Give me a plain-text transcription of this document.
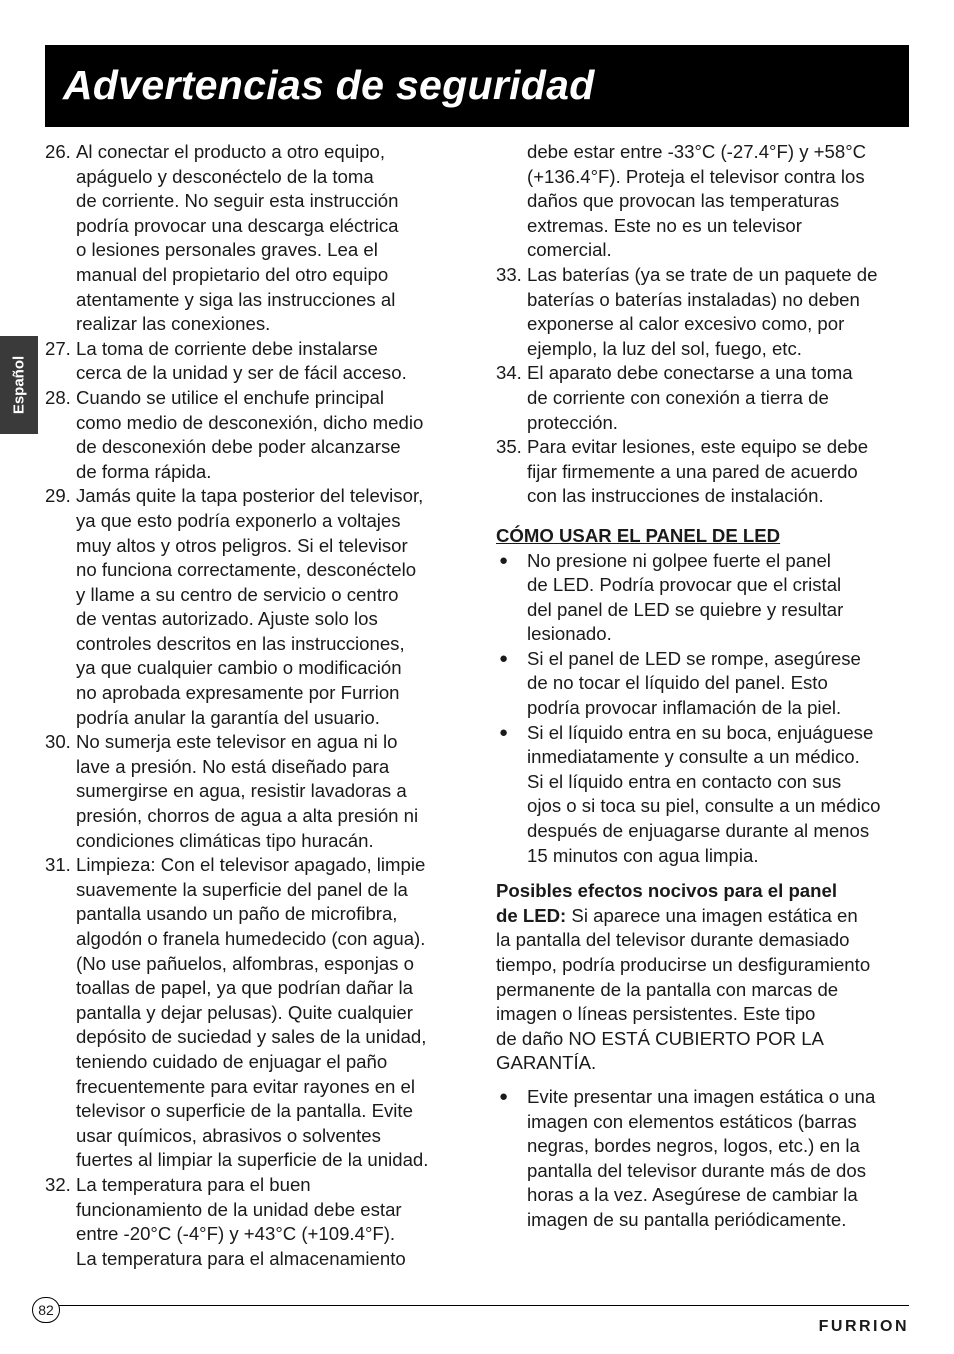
Advertencias de seguridad
Español
26. Al conectar el producto a otro equipo,
apáguelo y desconéctelo de la toma
de corriente. No seguir esta instrucción
podría provocar una descarga eléctrica
o lesiones personales graves. Lea el
manual del propietario del otro equipo
atentamente y siga las instrucciones al
realizar las conexiones.
27. La toma de corriente debe instalarse
cerca de la unidad y ser de fácil acceso.
28. Cuando se utilice el enchufe principal
como medio de desconexión, dicho medio
de desconexión debe poder alcanzarse
de forma rápida.
29. Jamás quite la tapa posterior del televisor,
ya que esto podría exponerlo a voltajes
muy altos y otros peligros. Si el televisor
no funciona correctamente, desconéctelo
y llame a su centro de servicio o centro
de ventas autorizado. Ajuste solo los
controles descritos en las instrucciones,
ya que cualquier cambio o modificación
no aprobada expresamente por Furrion
podría anular la garantía del usuario.
30. No sumerja este televisor en agua ni lo
lave a presión. No está diseñado para
sumergirse en agua, resistir lavadoras a
presión, chorros de agua a alta presión ni
condiciones climáticas tipo huracán.
31. Limpieza: Con el televisor apagado, limpie
suavemente la superficie del panel de la
pantalla usando un paño de microfibra,
algodón o franela humedecido (con agua).
(No use pañuelos, alfombras, esponjas o
toallas de papel, ya que podrían dañar la
pantalla y dejar pelusas). Quite cualquier
depósito de suciedad y sales de la unidad,
teniendo cuidado de enjuagar el paño
frecuentemente para evitar rayones en el
televisor o superficie de la pantalla. Evite
usar químicos, abrasivos o solventes
fuertes al limpiar la superficie de la unidad.
32. La temperatura para el buen
funcionamiento de la unidad debe estar
entre -20°C (-4°F) y +43°C (+109.4°F).
La temperatura para el almacenamiento
debe estar entre -33°C (-27.4°F) y +58°C
(+136.4°F). Proteja el televisor contra los
daños que provocan las temperaturas
extremas. Este no es un televisor
comercial.
33. Las baterías (ya se trate de un paquete de
baterías o baterías instaladas) no deben
exponerse al calor excesivo como, por
ejemplo, la luz del sol, fuego, etc.
34. El aparato debe conectarse a una toma
de corriente con conexión a tierra de
protección.
35. Para evitar lesiones, este equipo se debe
fijar firmemente a una pared de acuerdo
con las instrucciones de instalación.
CÓMO USAR EL PANEL DE LED
● No presione ni golpee fuerte el panel
de LED. Podría provocar que el cristal
del panel de LED se quiebre y resultar
lesionado.
● Si el panel de LED se rompe, asegúrese
de no tocar el líquido del panel. Esto
podría provocar inflamación de la piel.
● Si el líquido entra en su boca, enjuáguese
inmediatamente y consulte a un médico.
Si el líquido entra en contacto con sus
ojos o si toca su piel, consulte a un médico
después de enjuagarse durante al menos
15 minutos con agua limpia.
Posibles efectos nocivos para el panel
de LED: Si aparece una imagen estática en
la pantalla del televisor durante demasiado
tiempo, podría producirse un desfiguramiento
permanente de la pantalla con marcas de
imagen o líneas persistentes. Este tipo
de daño NO ESTÁ CUBIERTO POR LA
GARANTÍA.
● Evite presentar una imagen estática o una
imagen con elementos estáticos (barras
negras, bordes negros, logos, etc.) en la
pantalla del televisor durante más de dos
horas a la vez. Asegúrese de cambiar la
imagen de su pantalla periódicamente.
82
FURRION
